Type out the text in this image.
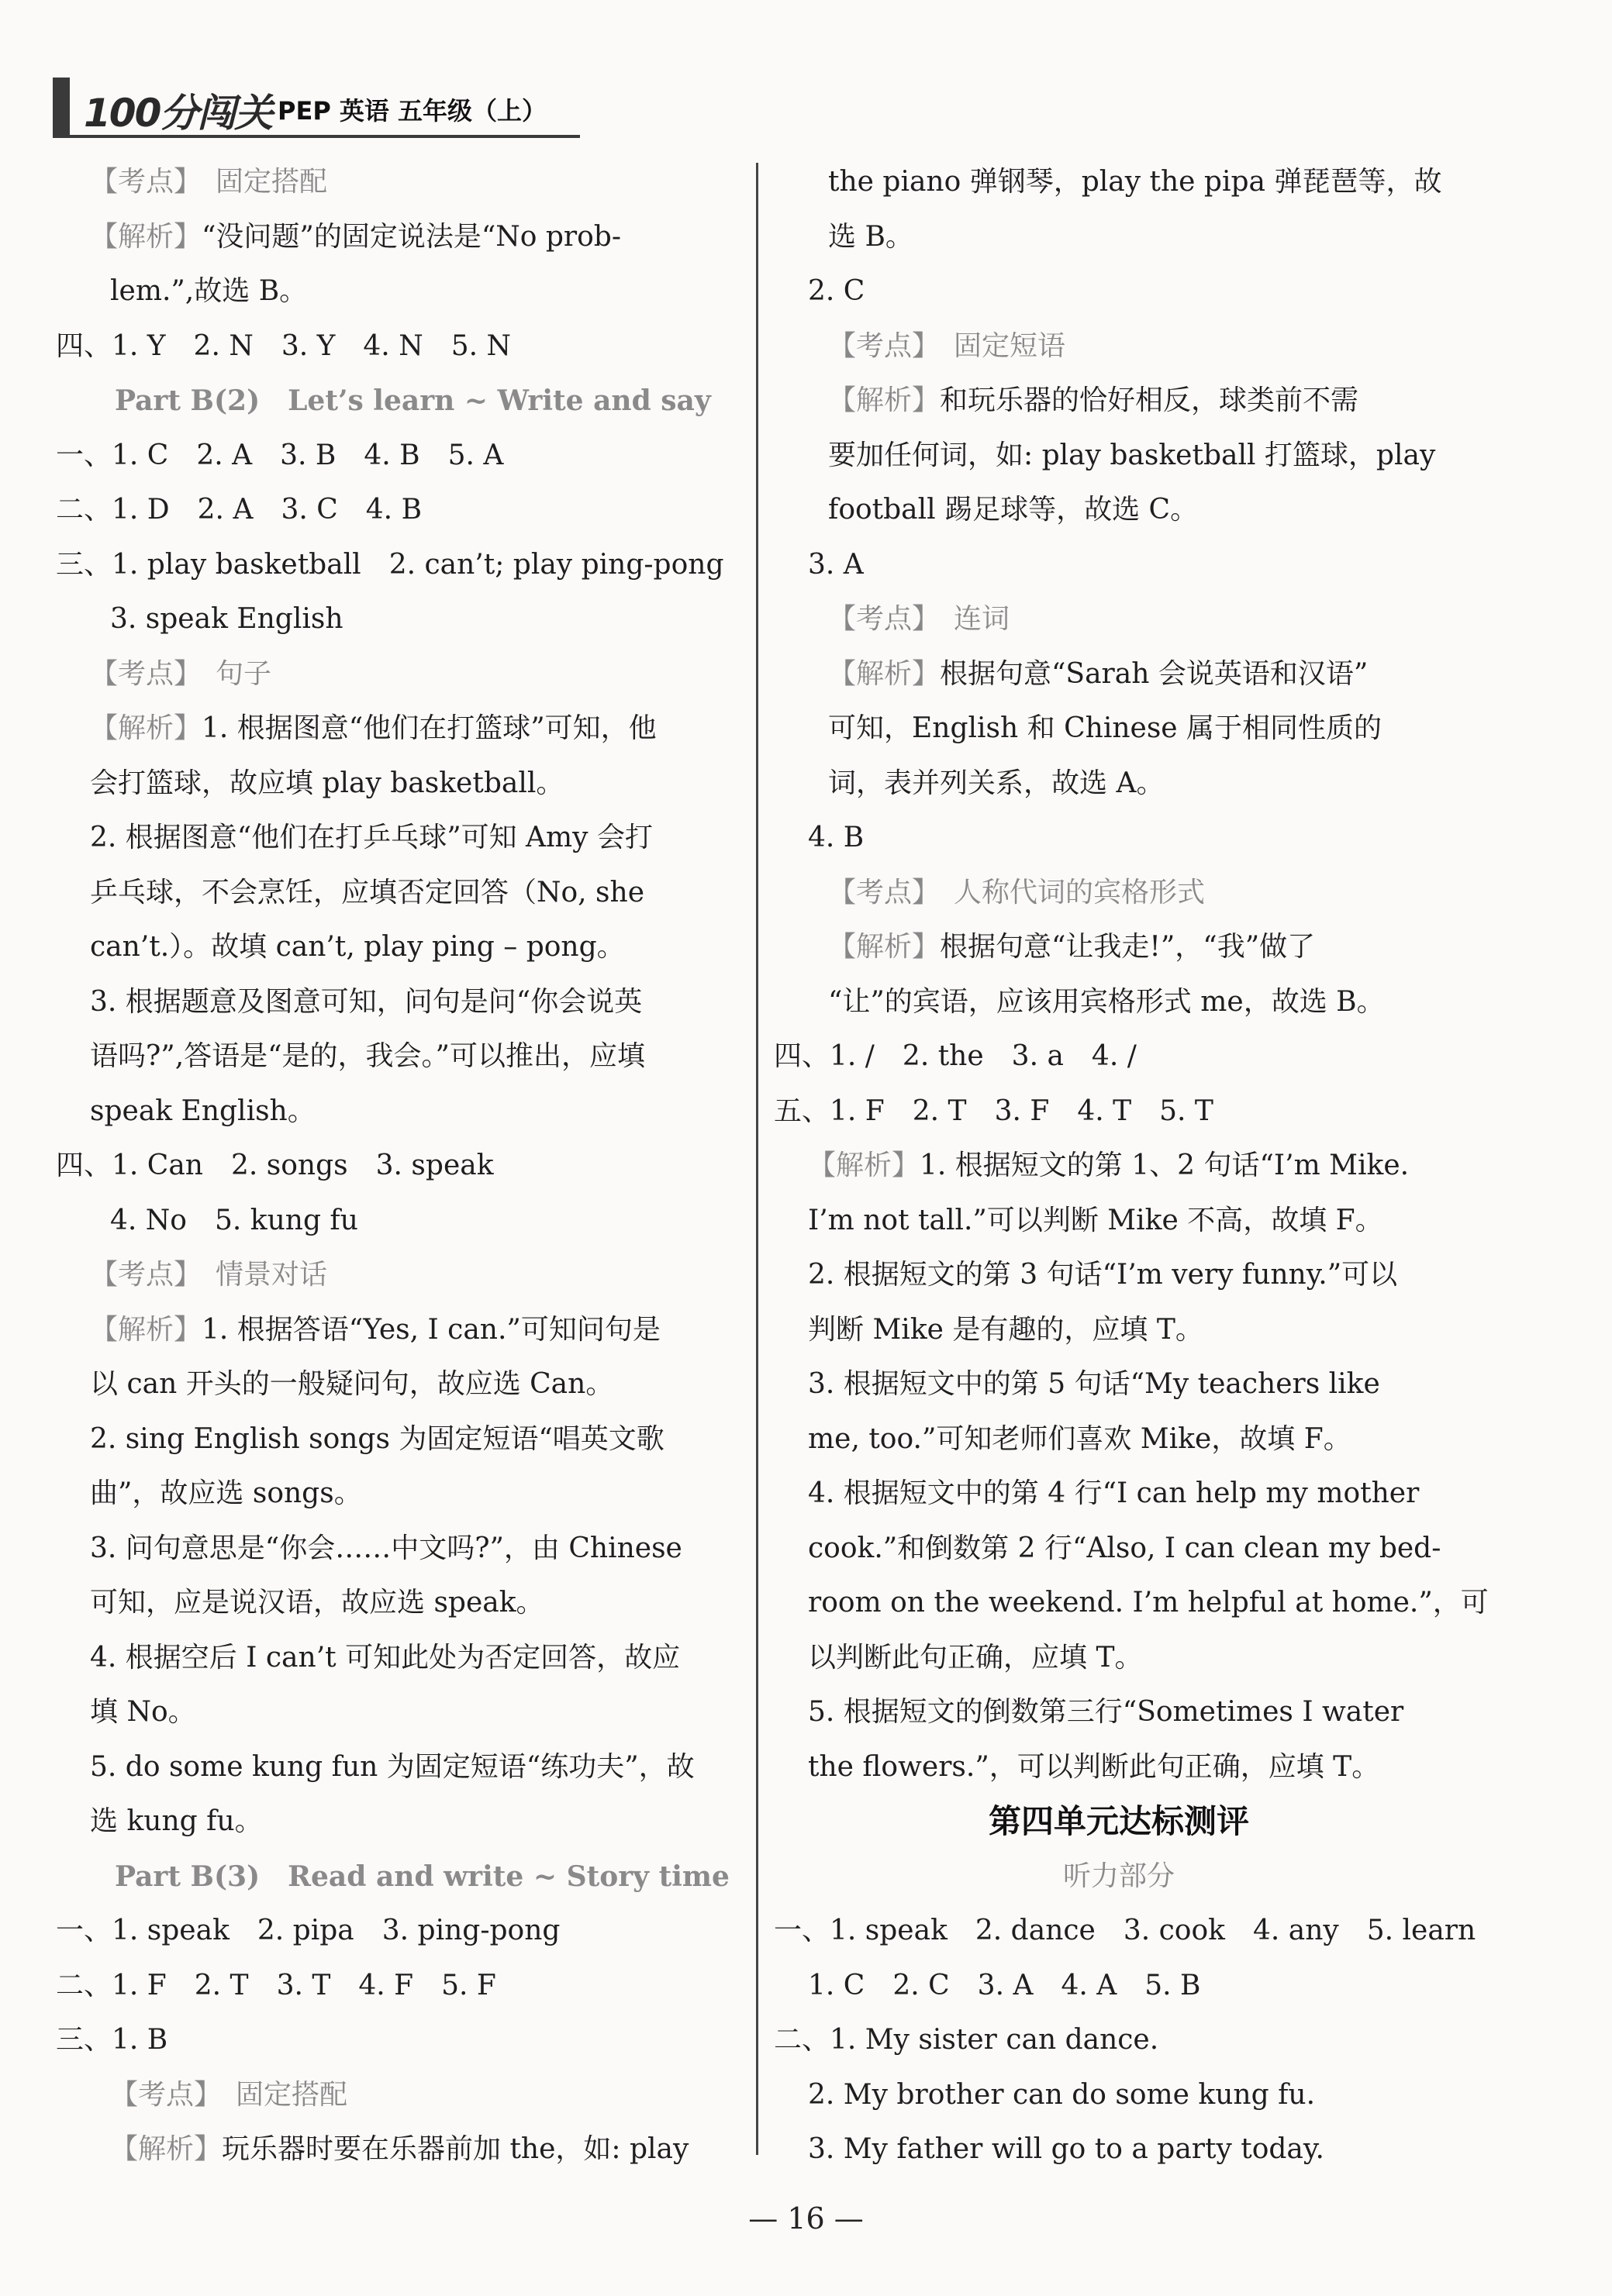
100分闯关 PEP 英语 五年级（上）
【考点】 固定搭配
【解析】“没问题”的固定说法是“No prob-
lem.”,故选 B。
四、1. Y　2. N　3. Y　4. N　5. N
Part B(2) Let’s learn ~ Write and say
一、1. C　2. A　3. B　4. B　5. A
二、1. D　2. A　3. C　4. B
三、1. play basketball　2. can’t; play ping-pong
3. speak English
【考点】 句子
【解析】1. 根据图意“他们在打篮球”可知，他
会打篮球，故应填 play basketball。
2. 根据图意“他们在打乒乓球”可知 Amy 会打
乒乓球，不会烹饪，应填否定回答（No, she
can’t.）。故填 can’t, play ping – pong。
3. 根据题意及图意可知，问句是问“你会说英
语吗?”,答语是“是的，我会。”可以推出，应填
speak English。
四、1. Can　2. songs　3. speak
4. No　5. kung fu
【考点】 情景对话
【解析】1. 根据答语“Yes, I can.”可知问句是
以 can 开头的一般疑问句，故应选 Can。
2. sing English songs 为固定短语“唱英文歌
曲”，故应选 songs。
3. 问句意思是“你会……中文吗?”，由 Chinese
可知，应是说汉语，故应选 speak。
4. 根据空后 I can’t 可知此处为否定回答，故应
填 No。
5. do some kung fun 为固定短语“练功夫”，故
选 kung fu。
Part B(3) Read and write ~ Story time
一、1. speak　2. pipa　3. ping-pong
二、1. F　2. T　3. T　4. F　5. F
三、1. B
【考点】 固定搭配
【解析】玩乐器时要在乐器前加 the，如: play
the piano 弹钢琴，play the pipa 弹琵琶等，故
选 B。
2. C
【考点】 固定短语
【解析】和玩乐器的恰好相反，球类前不需
要加任何词，如: play basketball 打篮球，play
football 踢足球等，故选 C。
3. A
【考点】 连词
【解析】根据句意“Sarah 会说英语和汉语”
可知，English 和 Chinese 属于相同性质的
词，表并列关系，故选 A。
4. B
【考点】 人称代词的宾格形式
【解析】根据句意“让我走!”，“我”做了
“让”的宾语，应该用宾格形式 me，故选 B。
四、1. /　2. the　3. a　4. /
五、1. F　2. T　3. F　4. T　5. T
【解析】1. 根据短文的第 1、2 句话“I’m Mike.
I’m not tall.”可以判断 Mike 不高，故填 F。
2. 根据短文的第 3 句话“I’m very funny.”可以
判断 Mike 是有趣的，应填 T。
3. 根据短文中的第 5 句话“My teachers like
me, too.”可知老师们喜欢 Mike，故填 F。
4. 根据短文中的第 4 行“I can help my mother
cook.”和倒数第 2 行“Also, I can clean my bed-
room on the weekend. I’m helpful at home.”，可
以判断此句正确，应填 T。
5. 根据短文的倒数第三行“Sometimes I water
the flowers.”，可以判断此句正确，应填 T。
第四单元达标测评
听力部分
一、1. speak　2. dance　3. cook　4. any　5. learn
1. C　2. C　3. A　4. A　5. B
二、1. My sister can dance.
2. My brother can do some kung fu.
3. My father will go to a party today.
— 16 —
